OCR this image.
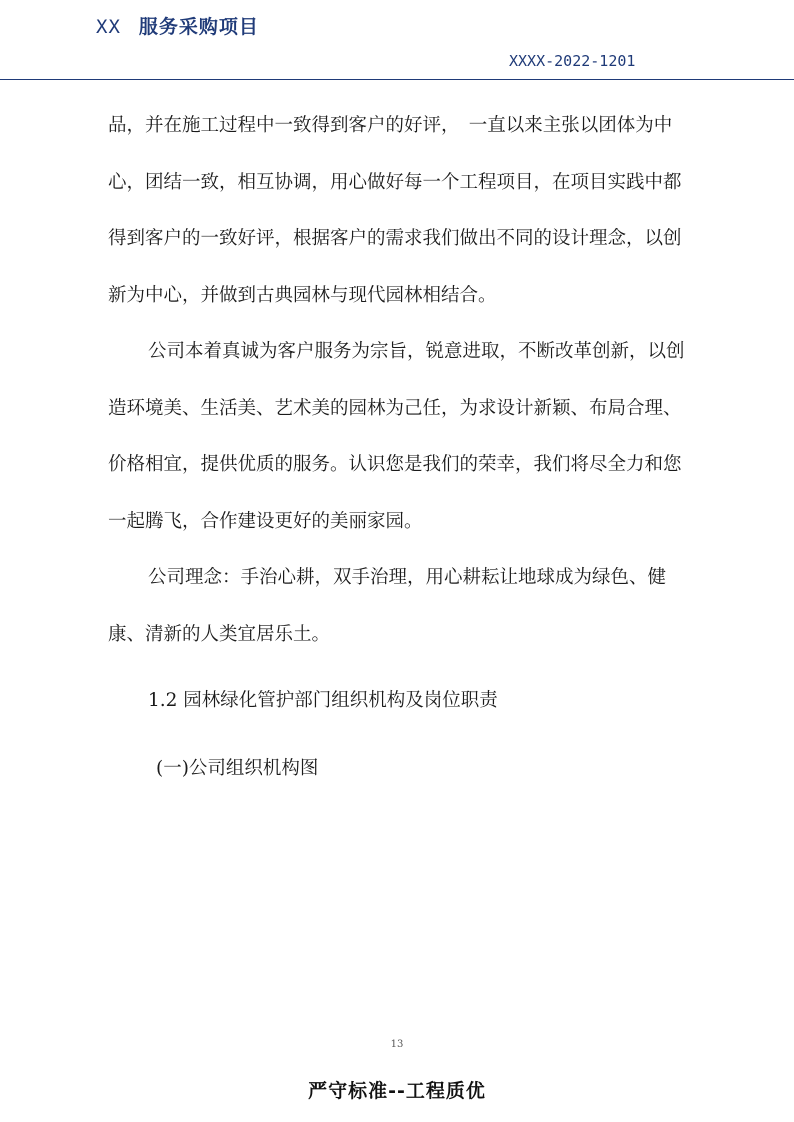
XX 服务采购项目
XXXX-2022-1201

品，并在施工过程中一致得到客户的好评，　一直以来主张以团体为中心，团结一致，相互协调，用心做好每一个工程项目，在项目实践中都得到客户的一致好评，根据客户的需求我们做出不同的设计理念，以创新为中心，并做到古典园林与现代园林相结合。

公司本着真诚为客户服务为宗旨，锐意进取，不断改革创新，以创造环境美、生活美、艺术美的园林为己任，为求设计新颖、布局合理、价格相宜，提供优质的服务。认识您是我们的荣幸，我们将尽全力和您一起腾飞，合作建设更好的美丽家园。

公司理念：手治心耕，双手治理，用心耕耘让地球成为绿色、健康、清新的人类宜居乐土。

1.2 园林绿化管护部门组织机构及岗位职责
(一)公司组织机构图
13
严守标准--工程质优
